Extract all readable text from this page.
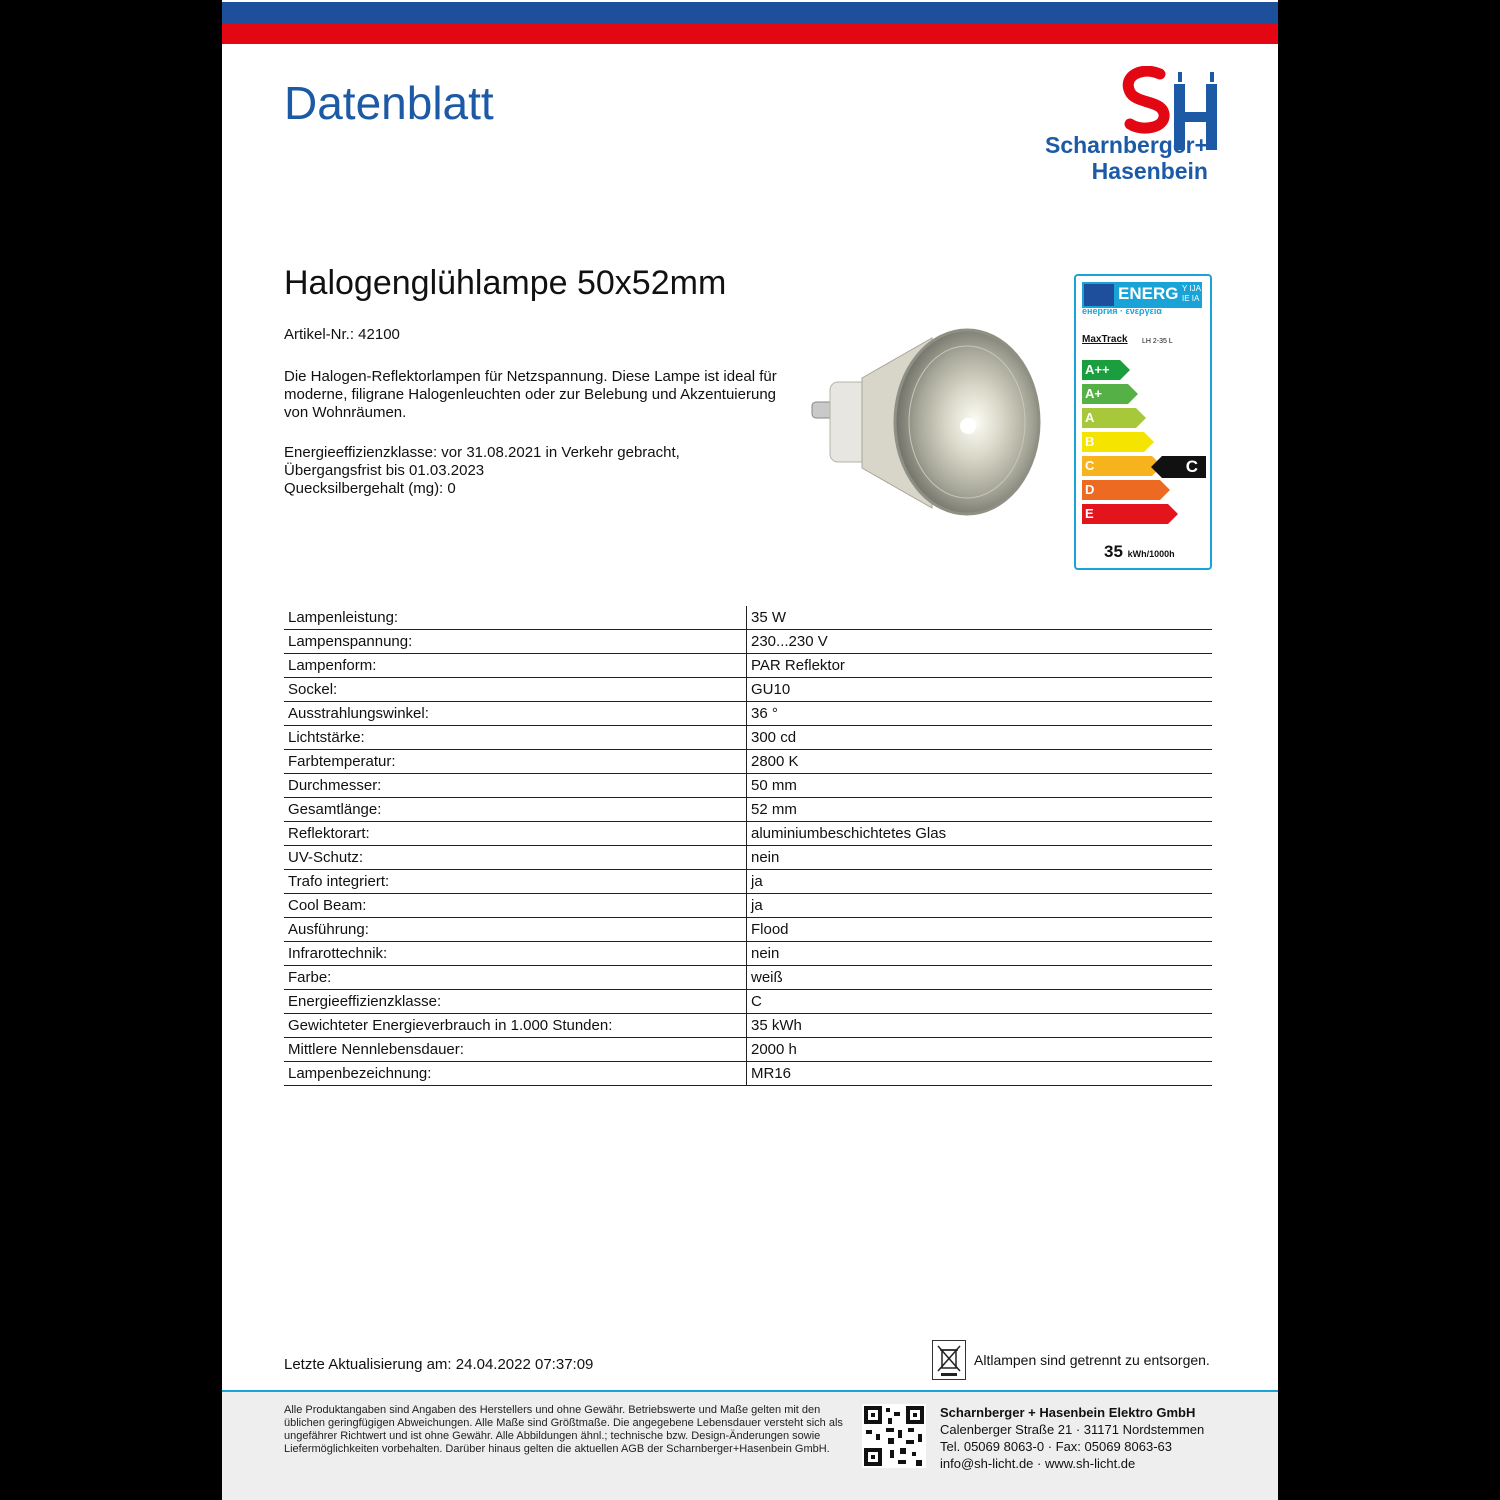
Datenblatt
Scharnberger+
Hasenbein
Halogenglühlampe 50x52mm
Artikel-Nr.: 42100

Die Halogen-Reflektorlampen für Netzspannung. Diese Lampe ist ideal für moderne, filigrane Halogenleuchten oder zur Belebung und Akzentuierung von Wohnräumen.

Energieeffizienzklasse: vor 31.08.2021 in Verkehr gebracht,
Übergangsfrist bis 01.03.2023
Quecksilbergehalt (mg): 0
ENERG Y IJA IE IA
енергия · ενεργεια
MaxTrack LH 2-35 L
A++
A+
A
B
C
D
E
C
35 kWh/1000h
Lampenleistung:	35 W
Lampenspannung:	230...230 V
Lampenform:	PAR Reflektor
Sockel:	GU10
Ausstrahlungswinkel:	36 °
Lichtstärke:	300 cd
Farbtemperatur:	2800 K
Durchmesser:	50 mm
Gesamtlänge:	52 mm
Reflektorart:	aluminiumbeschichtetes Glas
UV-Schutz:	nein
Trafo integriert:	ja
Cool Beam:	ja
Ausführung:	Flood
Infrarottechnik:	nein
Farbe:	weiß
Energieeffizienzklasse:	C
Gewichteter Energieverbrauch in 1.000 Stunden:	35 kWh
Mittlere Nennlebensdauer:	2000 h
Lampenbezeichnung:	MR16
Letzte Aktualisierung am: 24.04.2022 07:37:09	Altlampen sind getrennt zu entsorgen.
Alle Produktangaben sind Angaben des Herstellers und ohne Gewähr. Betriebswerte und Maße gelten mit den üblichen geringfügigen Abweichungen. Alle Maße sind Größtmaße. Die angegebene Lebensdauer versteht sich als ungefährer Richtwert und ist ohne Gewähr. Alle Abbildungen ähnl.; technische bzw. Design-Änderungen sowie Liefermöglichkeiten vorbehalten. Darüber hinaus gelten die aktuellen AGB der Scharnberger+Hasenbein GmbH.
Scharnberger + Hasenbein Elektro GmbH
Calenberger Straße 21 · 31171 Nordstemmen
Tel. 05069 8063-0 · Fax: 05069 8063-63
info@sh-licht.de · www.sh-licht.de
